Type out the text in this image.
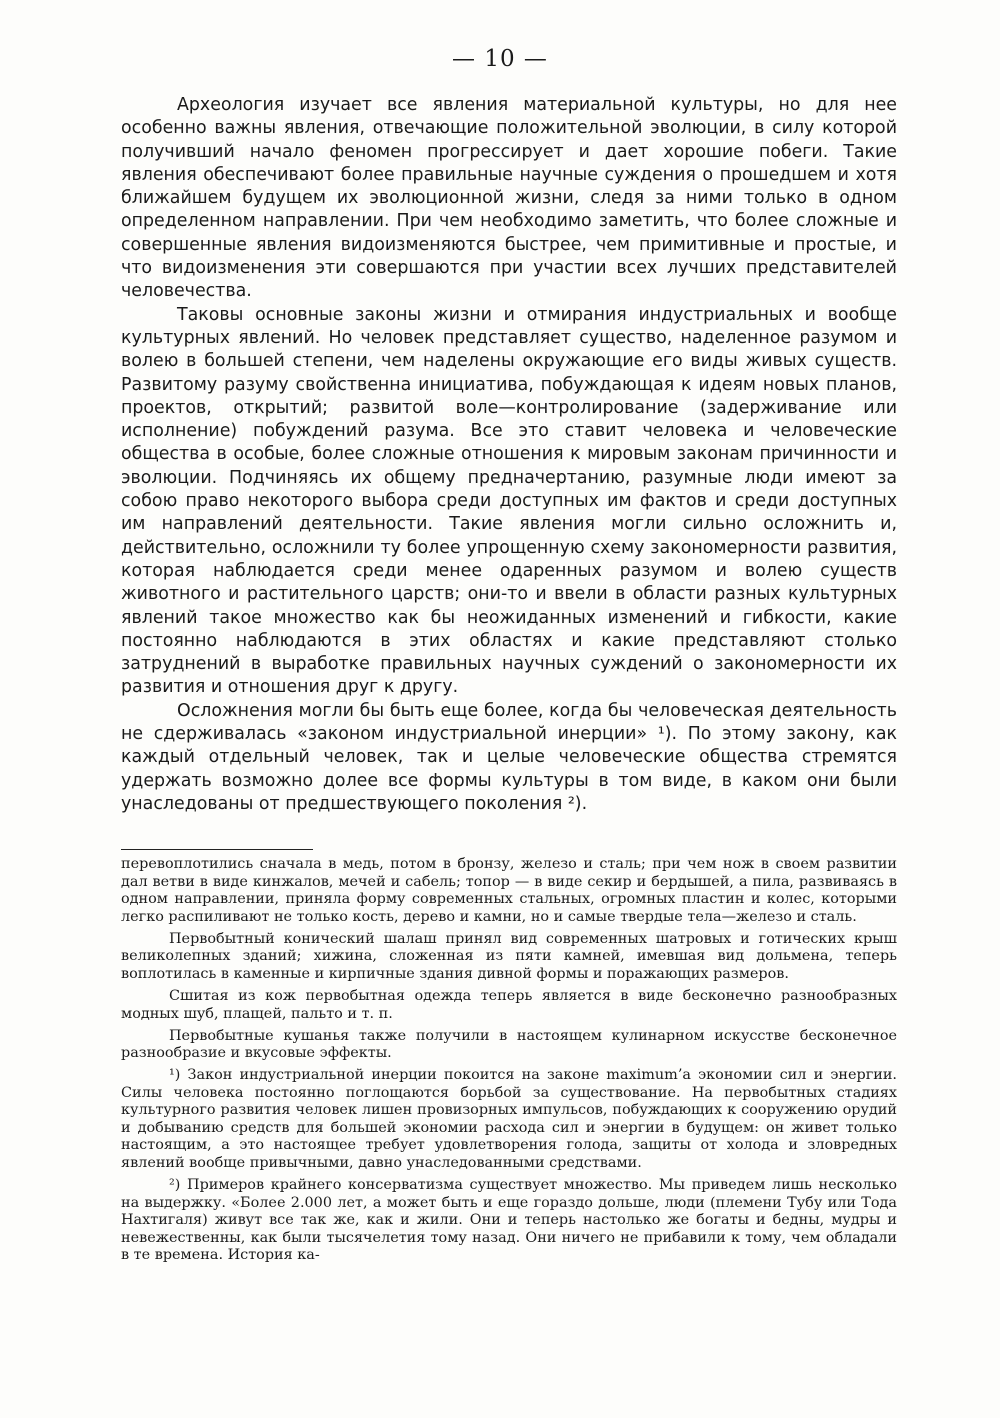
— 10 —

Археология изучает все явления материальной культуры, но для нее особенно важны явления, отвечающие положительной эволюции, в силу которой получивший начало феномен прогрессирует и дает хорошие побеги. Такие явления обеспечивают более правильные научные суждения о прошедшем и хотя ближайшем будущем их эволюционной жизни, следя за ними только в одном определенном направлении. При чем необходимо заметить, что более сложные и совершенные явления видоизменяются быстрее, чем примитивные и простые, и что видоизменения эти совершаются при участии всех лучших представителей человечества.

Таковы основные законы жизни и отмирания индустриальных и вообще культурных явлений. Но человек представляет существо, наделенное разумом и волею в большей степени, чем наделены окружающие его виды живых существ. Развитому разуму свойственна инициатива, побуждающая к идеям новых планов, проектов, открытий; развитой воле—контролирование (задерживание или исполнение) побуждений разума. Все это ставит человека и человеческие общества в особые, более сложные отношения к мировым законам причинности и эволюции. Подчиняясь их общему предначертанию, разумные люди имеют за собою право некоторого выбора среди доступных им фактов и среди доступных им направлений деятельности. Такие явления могли сильно осложнить и, действительно, осложнили ту более упрощенную схему закономерности развития, которая наблюдается среди менее одаренных разумом и волею существ животного и растительного царств; они-то и ввели в области разных культурных явлений такое множество как бы неожиданных изменений и гибкости, какие постоянно наблюдаются в этих областях и какие представляют столько затруднений в выработке правильных научных суждений о закономерности их развития и отношения друг к другу.

Осложнения могли бы быть еще более, когда бы человеческая деятельность не сдерживалась «законом индустриальной инерции» ¹). По этому закону, как каждый отдельный человек, так и целые человеческие общества стремятся удержать возможно долее все формы культуры в том виде, в каком они были унаследованы от предшествующего поколения ²).

перевоплотились сначала в медь, потом в бронзу, железо и сталь; при чем нож в своем развитии дал ветви в виде кинжалов, мечей и сабель; топор — в виде секир и бердышей, а пила, развиваясь в одном направлении, приняла форму современных стальных, огромных пластин и колес, которыми легко распиливают не только кость, дерево и камни, но и самые твердые тела—железо и сталь.

Первобытный конический шалаш принял вид современных шатровых и готических крыш великолепных зданий; хижина, сложенная из пяти камней, имевшая вид дольмена, теперь воплотилась в каменные и кирпичные здания дивной формы и поражающих размеров.

Сшитая из кож первобытная одежда теперь является в виде бесконечно разнообразных модных шуб, плащей, пальто и т. п.

Первобытные кушанья также получили в настоящем кулинарном искусстве бесконечное разнообразие и вкусовые эффекты.

¹) Закон индустриальной инерции покоится на законе maximum’а экономии сил и энергии. Силы человека постоянно поглощаются борьбой за существование. На первобытных стадиях культурного развития человек лишен провизорных импульсов, побуждающих к сооружению орудий и добыванию средств для большей экономии расхода сил и энергии в будущем: он живет только настоящим, а это настоящее требует удовлетворения голода, защиты от холода и зловредных явлений вообще привычными, давно унаследованными средствами.

²) Примеров крайнего консерватизма существует множество. Мы приведем лишь несколько на выдержку. «Более 2.000 лет, а может быть и еще гораздо дольше, люди (племени Тубу или Тода Нахтигаля) живут все так же, как и жили. Они и теперь настолько же богаты и бедны, мудры и невежественны, как были тысячелетия тому назад. Они ничего не прибавили к тому, чем обладали в те времена. История ка-
